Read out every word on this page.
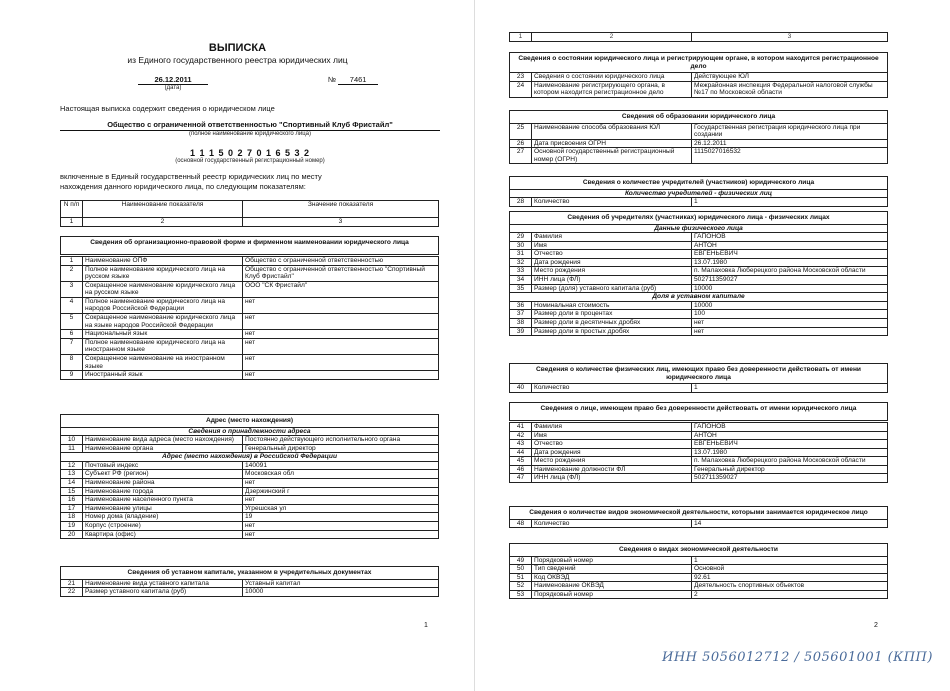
ВЫПИСКА
из Единого государственного реестра юридических лиц
26.12.2011
(дата)
№ 7461
Настоящая выписка содержит сведения о юридическом лице
Общество с ограниченной ответственностью "Спортивный Клуб Фристайл"
(полное наименование юридического лица)
1 1 1 5 0 2 7 0 1 6 5 3 2
(основной государственный регистрационный номер)
включенные в Единый государственный реестр юридических лиц по месту
нахождения данного юридического лица, по следующим показателям:
N п/п	Наименование показателя	Значение показателя
1	2	3
Сведения об организационно-правовой форме и фирменном наименовании юридического лица		

1	Наименование ОПФ	Общество с ограниченной ответственностью
2	Полное наименование юридического лица на русском языке	Общество с ограниченной ответственностью "Спортивный Клуб Фристайл"
3	Сокращенное наименование юридического лица на русском языке	ООО "СК Фристайл"
4	Полное наименование юридического лица на народов Российской Федерации	нет
5	Сокращенное наименование юридического лица на языке народов Российской Федерации	нет
6	Национальный язык	нет
7	Полное наименование юридического лица на иностранном языке	нет
8	Сокращенное наименование на иностранном языке	нет
9	Иностранный язык	нет
Адрес (место нахождения)		
Сведения о принадлежности адреса		
10	Наименование вида адреса (место нахождения)	Постоянно действующего исполнительного органа
11	Наименование органа	Генеральный директор
Адрес (место нахождения) в Российской Федерации		
12	Почтовый индекс	140091
13	Субъект РФ (регион)	Московская обл
14	Наименование района	нет
15	Наименование города	Дзержинский г
16	Наименование населенного пункта	нет
17	Наименование улицы	Угрешская ул
18	Номер дома (владение)	19
19	Корпус (строение)	нет
20	Квартира (офис)	нет
Сведения об уставном капитале, указанном в учредительных документах		
21	Наименование вида уставного капитала	Уставный капитал
22	Размер уставного капитала (руб)	10000
1
1	2	3
Сведения о состоянии юридического лица и регистрирующем органе, в котором находится регистрационное дело		
23	Сведения о состоянии юридического лица	Действующее ЮЛ
24	Наименование регистрирующего органа, в котором находится регистрационное дело	Межрайонная инспекция Федеральной налоговой службы №17 по Московской области
Сведения об образовании юридического лица		
25	Наименование способа образования ЮЛ	Государственная регистрация юридического лица при создании
26	Дата присвоения ОГРН	26.12.2011
27	Основной государственный регистрационный номер (ОГРН)	1115027016532
Сведения о количестве учредителей (участников) юридического лица
Количество учредителей - физических лиц
28	Количество	1
Сведения об учредителях (участниках) юридического лица - физических лицах		
Данные физического лица		
29	Фамилия	ГАПОНОВ
30	Имя	АНТОН
31	Отчество	ЕВГЕНЬЕВИЧ
32	Дата рождения	13.07.1980
33	Место рождения	п. Малаховка Люберецкого района Московской области
34	ИНН лица (ФЛ)	502711359027
35	Размер (доля) уставного капитала (руб)	10000
Доля в уставном капитале		
36	Номинальная стоимость	10000
37	Размер доли в процентах	100
38	Размер доли в десятичных дробях	нет
39	Размер доли в простых дробях	нет
Сведения о количестве физических лиц, имеющих право без доверенности действовать от имени юридического лица
40	Количество	1
Сведения о лице, имеющем право без доверенности действовать от имени юридического лица		

41	Фамилия	ГАПОНОВ
42	Имя	АНТОН
43	Отчество	ЕВГЕНЬЕВИЧ
44	Дата рождения	13.07.1980
45	Место рождения	п. Малаховка Люберецкого района Московской области
46	Наименование должности ФЛ	Генеральный директор
47	ИНН лица (ФЛ)	502711359027
Сведения о количестве видов экономической деятельности, которыми занимается юридическое лицо
48	Количество	14
Сведения о видах экономической деятельности		
49	Порядковый номер	1
50	Тип сведений	Основной
51	Код ОКВЭД	92.61
52	Наименование ОКВЭД	Деятельность спортивных объектов
53	Порядковый номер	2
2
ИНН 5056012712 / 505601001 (КПП)
